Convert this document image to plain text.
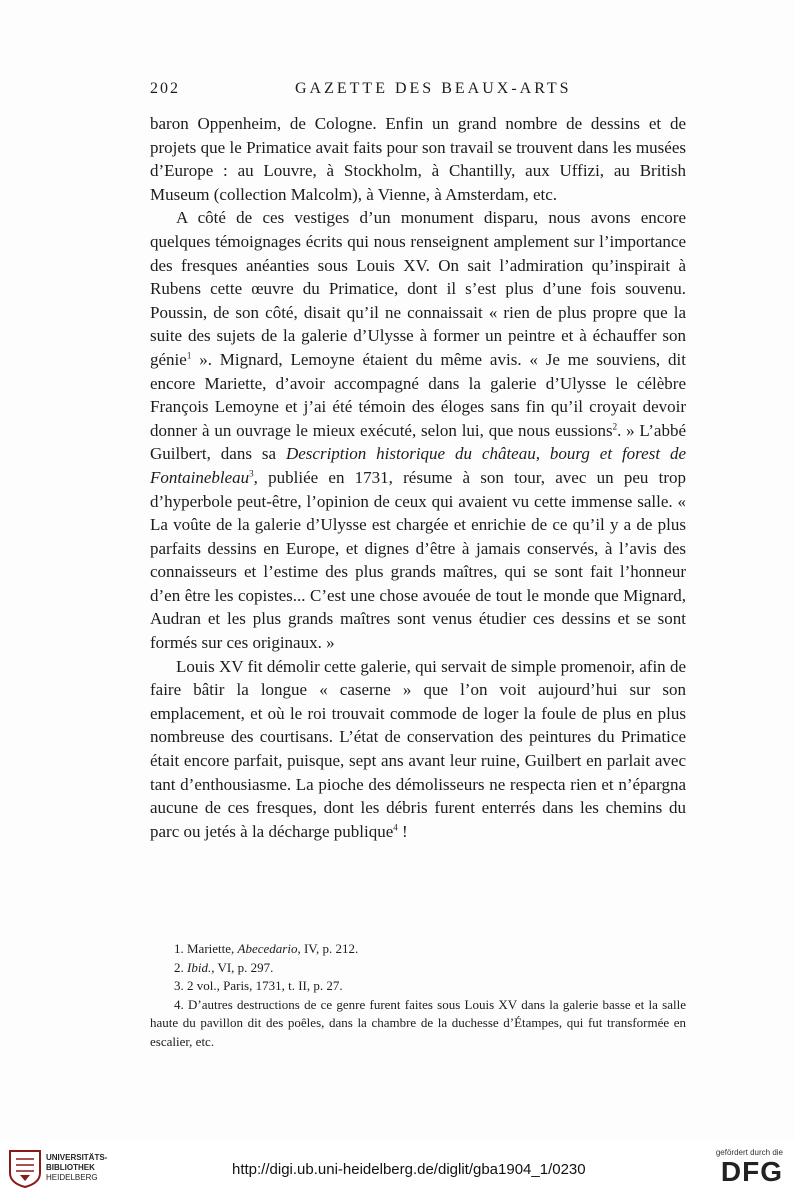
202	GAZETTE DES BEAUX-ARTS

baron Oppenheim, de Cologne. Enfin un grand nombre de dessins et de projets que le Primatice avait faits pour son travail se trouvent dans les musées d’Europe : au Louvre, à Stockholm, à Chantilly, aux Uffizi, au British Museum (collection Malcolm), à Vienne, à Amsterdam, etc.

A côté de ces vestiges d’un monument disparu, nous avons encore quelques témoignages écrits qui nous renseignent amplement sur l’importance des fresques anéanties sous Louis XV. On sait l’admiration qu’inspirait à Rubens cette œuvre du Primatice, dont il s’est plus d’une fois souvenu. Poussin, de son côté, disait qu’il ne connaissait « rien de plus propre que la suite des sujets de la galerie d’Ulysse à former un peintre et à échauffer son génie$^1$ ». Mignard, Lemoyne étaient du même avis. « Je me souviens, dit encore Mariette, d’avoir accompagné dans la galerie d’Ulysse le célèbre François Lemoyne et j’ai été témoin des éloges sans fin qu’il croyait devoir donner à un ouvrage le mieux exécuté, selon lui, que nous eussions$^2$. » L’abbé Guilbert, dans sa Description historique du château, bourg et forest de Fontainebleau$^3$, publiée en 1731, résume à son tour, avec un peu trop d’hyperbole peut-être, l’opinion de ceux qui avaient vu cette immense salle. « La voûte de la galerie d’Ulysse est chargée et enrichie de ce qu’il y a de plus parfaits dessins en Europe, et dignes d’être à jamais conservés, à l’avis des connaisseurs et l’estime des plus grands maîtres, qui se sont fait l’honneur d’en être les copistes... C’est une chose avouée de tout le monde que Mignard, Audran et les plus grands maîtres sont venus étudier ces dessins et se sont formés sur ces originaux. »

Louis XV fit démolir cette galerie, qui servait de simple promenoir, afin de faire bâtir la longue « caserne » que l’on voit aujourd’hui sur son emplacement, et où le roi trouvait commode de loger la foule de plus en plus nombreuse des courtisans. L’état de conservation des peintures du Primatice était encore parfait, puisque, sept ans avant leur ruine, Guilbert en parlait avec tant d’enthousiasme. La pioche des démolisseurs ne respecta rien et n’épargna aucune de ces fresques, dont les débris furent enterrés dans les chemins du parc ou jetés à la décharge publique$^4$ !

1. Mariette, Abecedario, IV, p. 212.

2. Ibid., VI, p. 297.

3. 2 vol., Paris, 1731, t. II, p. 27.

4. D’autres destructions de ce genre furent faites sous Louis XV dans la galerie basse et la salle haute du pavillon dit des poêles, dans la chambre de la duchesse d’Étampes, qui fut transformée en escalier, etc.

UNIVERSITÄTS-
BIBLIOTHEK
HEIDELBERG	http://digi.ub.uni-heidelberg.de/diglit/gba1904_1/0230
gefördert durch die
DFG
